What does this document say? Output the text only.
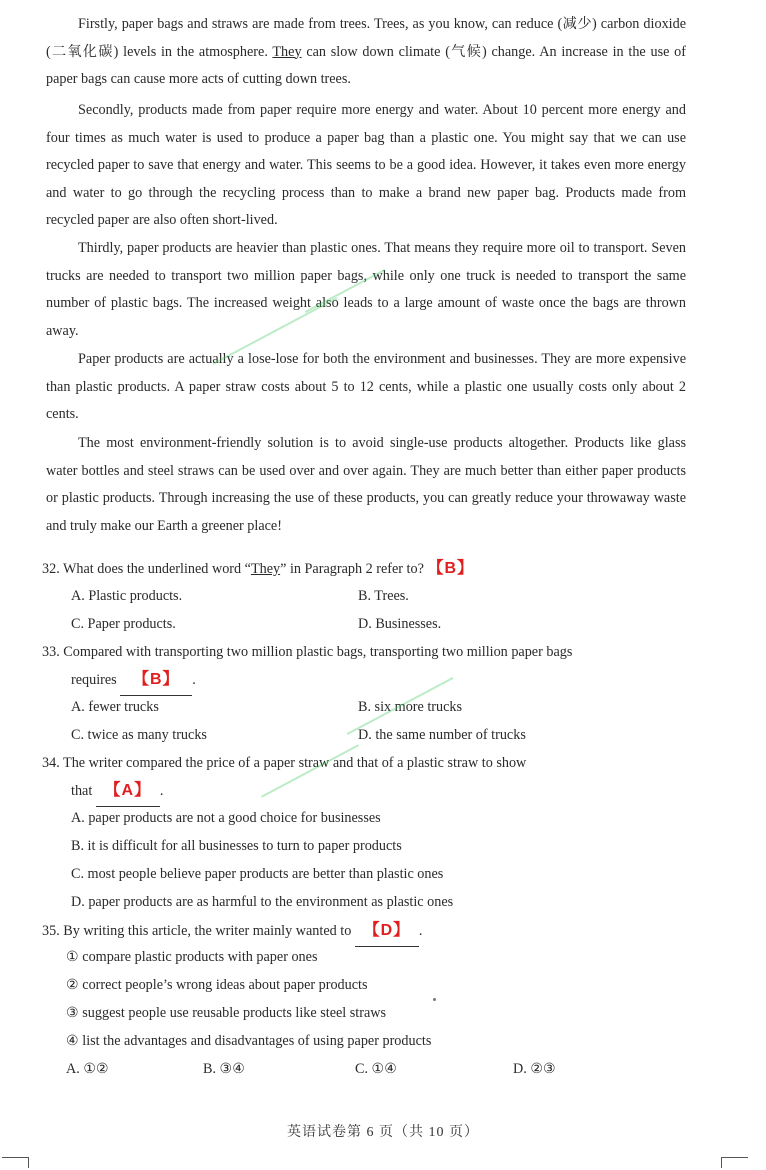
Firstly, paper bags and straws are made from trees. Trees, as you know, can reduce (减少) carbon dioxide (二氧化碳) levels in the atmosphere. They can slow down climate (气候) change. An increase in the use of paper bags can cause more acts of cutting down trees.

Secondly, products made from paper require more energy and water. About 10 percent more energy and four times as much water is used to produce a paper bag than a plastic one. You might say that we can use recycled paper to save that energy and water. This seems to be a good idea. However, it takes even more energy and water to go through the recycling process than to make a brand new paper bag. Products made from recycled paper are also often short-lived.

Thirdly, paper products are heavier than plastic ones. That means they require more oil to transport. Seven trucks are needed to transport two million paper bags, while only one truck is needed to transport the same number of plastic bags. The increased weight also leads to a large amount of waste once the bags are thrown away.

Paper products are actually a lose-lose for both the environment and businesses. They are more expensive than plastic products. A paper straw costs about 5 to 12 cents, while a plastic one usually costs only about 2 cents.

The most environment-friendly solution is to avoid single-use products altogether. Products like glass water bottles and steel straws can be used over and over again. They are much better than either paper products or plastic products. Through increasing the use of these products, you can greatly reduce your throwaway waste and truly make our Earth a greener place!

32. What does the underlined word “They” in Paragraph 2 refer to? 【B】

A. Plastic products.	B. Trees.
C. Paper products.	D. Businesses.

33. Compared with transporting two million plastic bags, transporting two million paper bags

requires 【B】 .
A. fewer trucks	B. six more trucks
C. twice as many trucks	D. the same number of trucks

34. The writer compared the price of a paper straw and that of a plastic straw to show

that 【A】 .
A. paper products are not a good choice for businesses
B. it is difficult for all businesses to turn to paper products
C. most people believe paper products are better than plastic ones
D. paper products are as harmful to the environment as plastic ones

35. By writing this article, the writer mainly wanted to 【D】 .

① compare plastic products with paper ones
② correct people’s wrong ideas about paper products
③ suggest people use reusable products like steel straws
④ list the advantages and disadvantages of using paper products
A. ①②	B. ③④	C. ①④	D. ②③
英语试卷第 6 页（共 10 页）
